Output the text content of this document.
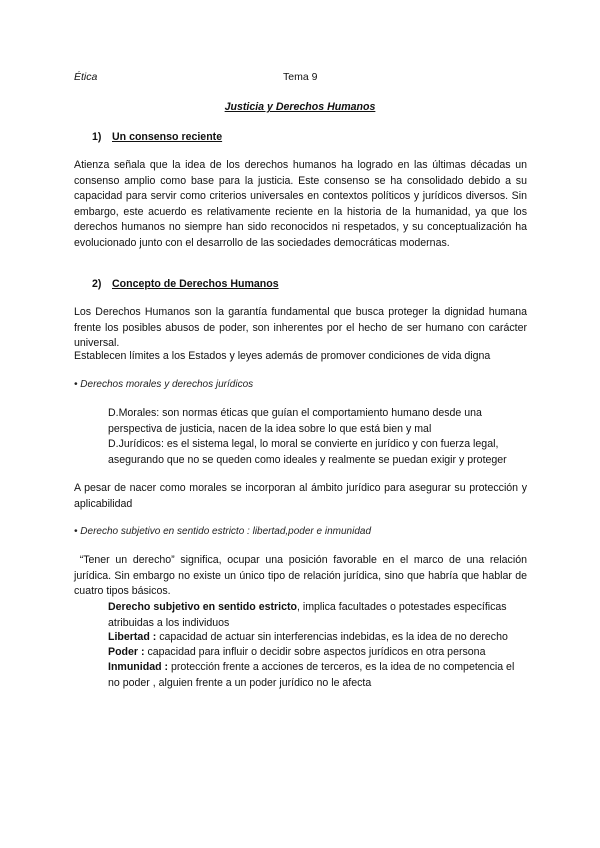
Ética	Tema 9
Justicia y Derechos Humanos
1) Un consenso reciente
Atienza señala que la idea de los derechos humanos ha logrado en las últimas décadas un consenso amplio como base para la justicia. Este consenso se ha consolidado debido a su capacidad para servir como criterios universales en contextos políticos y jurídicos diversos. Sin embargo, este acuerdo es relativamente reciente en la historia de la humanidad, ya que los derechos humanos no siempre han sido reconocidos ni respetados, y su conceptualización ha evolucionado junto con el desarrollo de las sociedades democráticas modernas.
2) Concepto de Derechos Humanos
Los Derechos Humanos son la garantía fundamental que busca proteger la dignidad humana frente los posibles abusos de poder, son inherentes por el hecho de ser humano con carácter universal.
Establecen límites a los Estados y leyes además de promover condiciones de vida digna
• Derechos morales y derechos jurídicos
D.Morales: son normas éticas que guían el comportamiento humano desde una perspectiva de justicia, nacen de la idea sobre lo que está bien y mal
D.Jurídicos: es el sistema legal, lo moral se convierte en jurídico y con fuerza legal, asegurando que no se queden como ideales y realmente se puedan exigir y proteger
A pesar de nacer como morales se incorporan al ámbito jurídico para asegurar su protección y aplicabilidad
• Derecho subjetivo en sentido estricto : libertad,poder e inmunidad
“Tener un derecho” significa, ocupar una posición favorable en el marco de una relación jurídica. Sin embargo no existe un único tipo de relación jurídica, sino que habría que hablar de cuatro tipos básicos.
Derecho subjetivo en sentido estricto, implica facultades o potestades específicas atribuidas a los individuos
Libertad : capacidad de actuar sin interferencias indebidas, es la idea de no derecho
Poder : capacidad para influir o decidir sobre aspectos jurídicos en otra persona
Inmunidad : protección frente a acciones de terceros, es la idea de no competencia el no poder , alguien frente a un poder jurídico no le afecta
